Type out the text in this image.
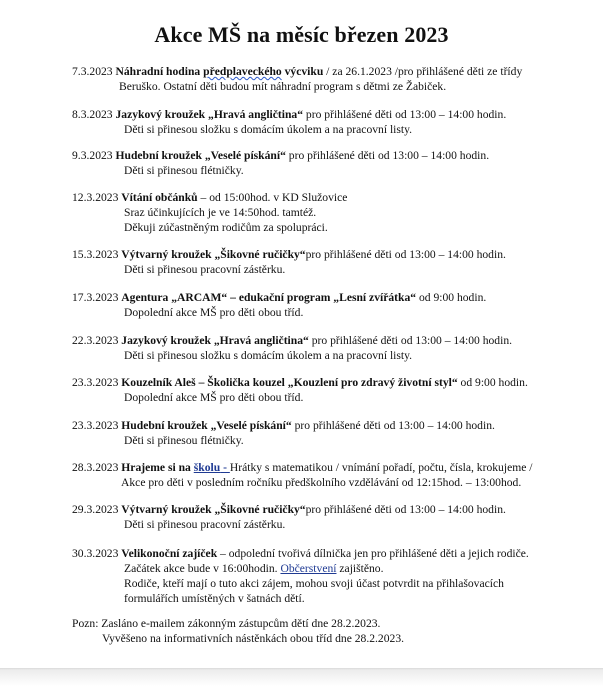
Akce MŠ na měsíc březen 2023
7.3.2023 Náhradní hodina předplaveckého výcviku / za 26.1.2023 /pro přihlášené děti ze třídy
Beruško. Ostatní děti budou mít náhradní program s dětmi ze Žabiček.
8.3.2023 Jazykový kroužek „Hravá angličtina“ pro přihlášené děti od 13:00 – 14:00 hodin.
Děti si přinesou složku s domácím úkolem a na pracovní listy.
9.3.2023 Hudební kroužek „Veselé pískání“ pro přihlášené děti od 13:00 – 14:00 hodin.
Děti si přinesou flétničky.
12.3.2023 Vítání občánků – od 15:00hod. v KD Služovice
Sraz účinkujících je ve 14:50hod. tamtéž.
Děkuji zúčastněným rodičům za spolupráci.
15.3.2023 Výtvarný kroužek „Šikovné ručičky“pro přihlášené děti od 13:00 – 14:00 hodin.
Děti si přinesou pracovní zástěrku.
17.3.2023 Agentura „ARCAM“ – edukační program „Lesní zvířátka“ od 9:00 hodin.
Dopolední akce MŠ pro děti obou tříd.
22.3.2023 Jazykový kroužek „Hravá angličtina“ pro přihlášené děti od 13:00 – 14:00 hodin.
Děti si přinesou složku s domácím úkolem a na pracovní listy.
23.3.2023 Kouzelník Aleš – Školička kouzel „Kouzlení pro zdravý životní styl“ od 9:00 hodin.
Dopolední akce MŠ pro děti obou tříd.
23.3.2023 Hudební kroužek „Veselé pískání“ pro přihlášené děti od 13:00 – 14:00 hodin.
Děti si přinesou flétničky.
28.3.2023 Hrajeme si na školu - Hrátky s matematikou / vnímání pořadí, počtu, čísla, krokujeme /
Akce pro děti v posledním ročníku předškolního vzdělávání od 12:15hod. – 13:00hod.
29.3.2023 Výtvarný kroužek „Šikovné ručičky“pro přihlášené děti od 13:00 – 14:00 hodin.
Děti si přinesou pracovní zástěrku.
30.3.2023 Velikonoční zajíček – odpolední tvořivá dílnička jen pro přihlášené děti a jejich rodiče.
Začátek akce bude v 16:00hodin. Občerstvení zajištěno.
Rodiče, kteří mají o tuto akci zájem, mohou svoji účast potvrdit na přihlašovacích
formulářích umístěných v šatnách dětí.
Pozn: Zasláno e-mailem zákonným zástupcům dětí dne 28.2.2023.
Vyvěšeno na informativních nástěnkách obou tříd dne 28.2.2023.
